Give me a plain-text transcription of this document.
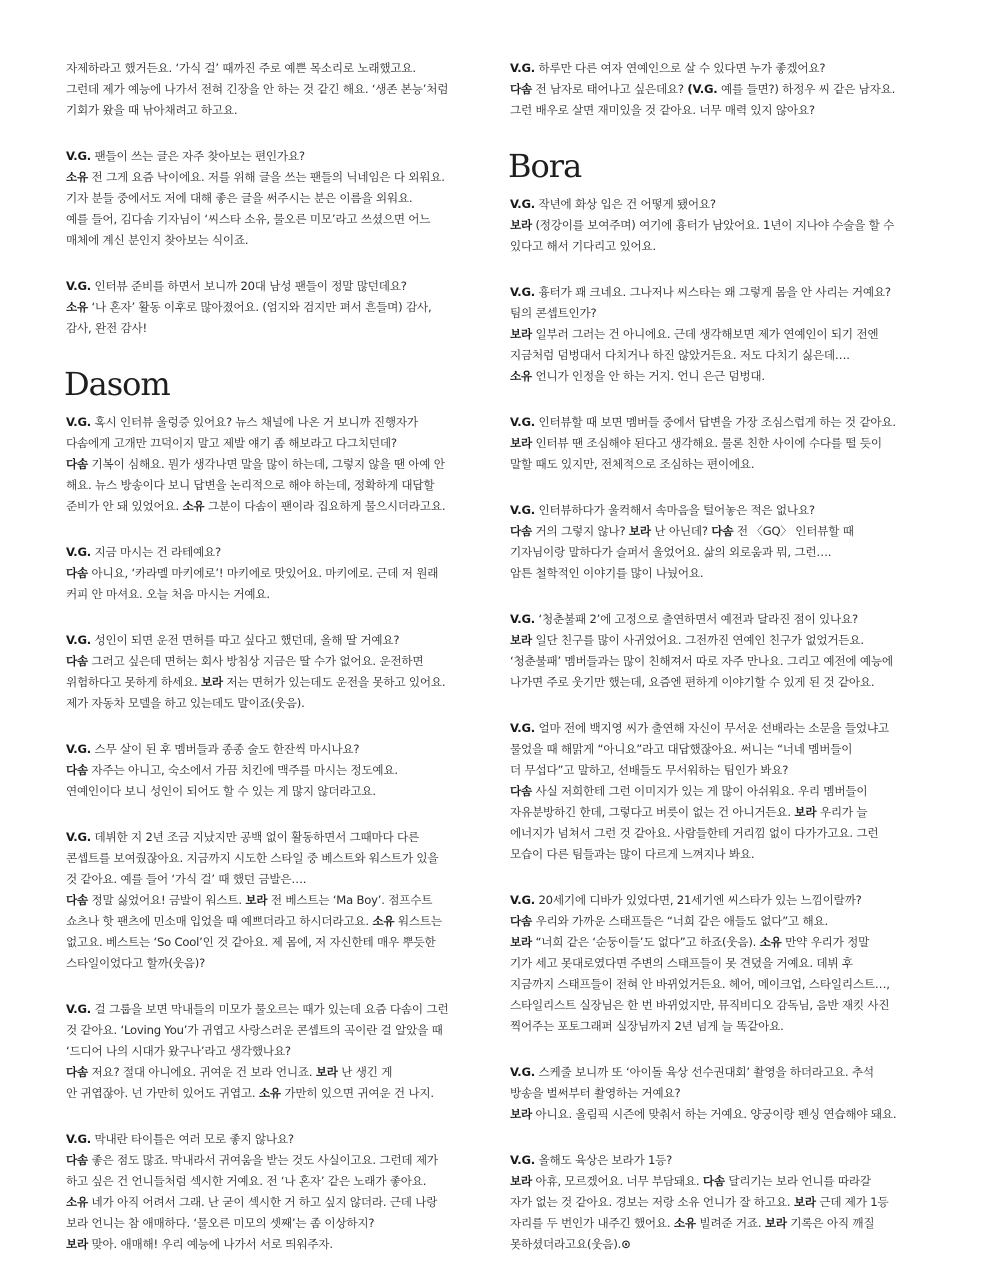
자제하라고 했거든요. ‘가식 걸’ 때까진 주로 예쁜 목소리로 노래했고요.
그런데 제가 예능에 나가서 전혀 긴장을 안 하는 것 같긴 해요. ‘생존 본능’처럼
기회가 왔을 때 낚아채려고 하고요.

V.G. 팬들이 쓰는 글은 자주 찾아보는 편인가요?
소유 전 그게 요즘 낙이에요. 저를 위해 글을 쓰는 팬들의 닉네임은 다 외워요.
기자 분들 중에서도 저에 대해 좋은 글을 써주시는 분은 이름을 외워요.
예를 들어, 김다솜 기자님이 ‘씨스타 소유, 물오른 미모’라고 쓰셨으면 어느
매체에 계신 분인지 찾아보는 식이죠.

V.G. 인터뷰 준비를 하면서 보니까 20대 남성 팬들이 정말 많던데요?
소유 ‘나 혼자’ 활동 이후로 많아졌어요. (엄지와 검지만 펴서 흔들며) 감사,
감사, 완전 감사!

Dasom

V.G. 혹시 인터뷰 울렁증 있어요? 뉴스 채널에 나온 거 보니까 진행자가
다솜에게 고개만 끄덕이지 말고 제발 얘기 좀 해보라고 다그치던데?
다솜 기복이 심해요. 뭔가 생각나면 말을 많이 하는데, 그렇지 않을 땐 아예 안
해요. 뉴스 방송이다 보니 답변을 논리적으로 해야 하는데, 정확하게 대답할
준비가 안 돼 있었어요. 소유 그분이 다솜이 팬이라 집요하게 물으시더라고요.

V.G. 지금 마시는 건 라테예요?
다솜 아니요, ‘카라멜 마키에로’! 마키에로 맛있어요. 마키에로. 근데 저 원래
커피 안 마셔요. 오늘 처음 마시는 거예요.

V.G. 성인이 되면 운전 면허를 따고 싶다고 했던데, 올해 딸 거예요?
다솜 그러고 싶은데 면허는 회사 방침상 지금은 딸 수가 없어요. 운전하면
위험하다고 못하게 하세요. 보라 저는 면허가 있는데도 운전을 못하고 있어요.
제가 자동차 모델을 하고 있는데도 말이죠(웃음).

V.G. 스무 살이 된 후 멤버들과 종종 술도 한잔씩 마시나요?
다솜 자주는 아니고, 숙소에서 가끔 치킨에 맥주를 마시는 정도예요.
연예인이다 보니 성인이 되어도 할 수 있는 게 많지 않더라고요.

V.G. 데뷔한 지 2년 조금 지났지만 공백 없이 활동하면서 그때마다 다른
콘셉트를 보여줬잖아요. 지금까지 시도한 스타일 중 베스트와 워스트가 있을
것 같아요. 예를 들어 ‘가식 걸’ 때 했던 금발은….
다솜 정말 싫었어요! 금발이 워스트. 보라 전 베스트는 ‘Ma Boy’. 점프수트
쇼츠나 핫 팬츠에 민소매 입었을 때 예쁘더라고 하시더라고요. 소유 워스트는
없고요. 베스트는 ‘So Cool’인 것 같아요. 제 몸에, 저 자신한테 매우 뿌듯한
스타일이었다고 할까(웃음)?

V.G. 걸 그룹을 보면 막내들의 미모가 물오르는 때가 있는데 요즘 다솜이 그런
것 같아요. ‘Loving You’가 귀엽고 사랑스러운 콘셉트의 곡이란 걸 알았을 때
‘드디어 나의 시대가 왔구나’라고 생각했나요?
다솜 저요? 절대 아니에요. 귀여운 건 보라 언니죠. 보라 난 생긴 게
안 귀엽잖아. 넌 가만히 있어도 귀엽고. 소유 가만히 있으면 귀여운 건 나지.

V.G. 막내란 타이틀은 여러 모로 좋지 않나요?
다솜 좋은 점도 많죠. 막내라서 귀여움을 받는 것도 사실이고요. 그런데 제가
하고 싶은 건 언니들처럼 섹시한 거예요. 전 ‘나 혼자’ 같은 노래가 좋아요.
소유 네가 아직 어려서 그래. 난 굳이 섹시한 거 하고 싶지 않더라. 근데 나랑
보라 언니는 참 애매하다. ‘물오른 미모의 셋째’는 좀 이상하지?
보라 맞아. 애매해! 우리 예능에 나가서 서로 띄워주자.

V.G. 하루만 다른 여자 연예인으로 살 수 있다면 누가 좋겠어요?
다솜 전 남자로 태어나고 싶은데요? (V.G. 예를 들면?) 하정우 씨 같은 남자요.
그런 배우로 살면 재미있을 것 같아요. 너무 매력 있지 않아요?

Bora

V.G. 작년에 화상 입은 건 어떻게 됐어요?
보라 (정강이를 보여주며) 여기에 흉터가 남았어요. 1년이 지나야 수술을 할 수
있다고 해서 기다리고 있어요.

V.G. 흉터가 꽤 크네요. 그나저나 씨스타는 왜 그렇게 몸을 안 사리는 거예요?
팀의 콘셉트인가?
보라 일부러 그러는 건 아니에요. 근데 생각해보면 제가 연예인이 되기 전엔
지금처럼 덤벙대서 다치거나 하진 않았거든요. 저도 다치기 싫은데….
소유 언니가 인정을 안 하는 거지. 언니 은근 덤벙대.

V.G. 인터뷰할 때 보면 멤버들 중에서 답변을 가장 조심스럽게 하는 것 같아요.
보라 인터뷰 땐 조심해야 된다고 생각해요. 물론 친한 사이에 수다를 떨 듯이
말할 때도 있지만, 전체적으로 조심하는 편이에요.

V.G. 인터뷰하다가 울컥해서 속마음을 털어놓은 적은 없나요?
다솜 거의 그렇지 않나? 보라 난 아닌데? 다솜 전 〈GQ〉 인터뷰할 때
기자님이랑 말하다가 슬퍼서 울었어요. 삶의 외로움과 뭐, 그런….
암튼 철학적인 이야기를 많이 나눴어요.

V.G. ‘청춘불패 2’에 고정으로 출연하면서 예전과 달라진 점이 있나요?
보라 일단 친구를 많이 사귀었어요. 그전까진 연예인 친구가 없었거든요.
‘청춘불패’ 멤버들과는 많이 친해져서 따로 자주 만나요. 그리고 예전에 예능에
나가면 주로 웃기만 했는데, 요즘엔 편하게 이야기할 수 있게 된 것 같아요.

V.G. 얼마 전에 백지영 씨가 출연해 자신이 무서운 선배라는 소문을 들었냐고
물었을 때 해맑게 “아니요”라고 대답했잖아요. 써니는 “너네 멤버들이
더 무섭다”고 말하고, 선배들도 무서워하는 팀인가 봐요?
다솜 사실 저희한테 그런 이미지가 있는 게 많이 아쉬워요. 우리 멤버들이
자유분방하긴 한데, 그렇다고 버릇이 없는 건 아니거든요. 보라 우리가 늘
에너지가 넘쳐서 그런 것 같아요. 사람들한테 거리낌 없이 다가가고요. 그런
모습이 다른 팀들과는 많이 다르게 느껴지나 봐요.

V.G. 20세기에 디바가 있었다면, 21세기엔 씨스타가 있는 느낌이랄까?
다솜 우리와 가까운 스태프들은 “너희 같은 애들도 없다”고 해요.
보라 “너희 같은 ‘순둥이들’도 없다”고 하죠(웃음). 소유 만약 우리가 정말
기가 세고 못대로였다면 주변의 스태프들이 못 견뎠을 거예요. 데뷔 후
지금까지 스태프들이 전혀 안 바뀌었거든요. 헤어, 메이크업, 스타일리스트…,
스타일리스트 실장님은 한 번 바뀌었지만, 뮤직비디오 감독님, 음반 재킷 사진
찍어주는 포토그래퍼 실장님까지 2년 넘게 늘 똑같아요.

V.G. 스케줄 보니까 또 ‘아이돌 육상 선수권대회’ 촬영을 하더라고요. 추석
방송을 벌써부터 촬영하는 거예요?
보라 아니요. 올림픽 시즌에 맞춰서 하는 거예요. 양궁이랑 펜싱 연습해야 돼요.

V.G. 올해도 육상은 보라가 1등?
보라 아휴, 모르겠어요. 너무 부담돼요. 다솜 달리기는 보라 언니를 따라갈
자가 없는 것 같아요. 경보는 저랑 소유 언니가 잘 하고요. 보라 근데 제가 1등
자리를 두 번인가 내주긴 했어요. 소유 빌려준 거죠. 보라 기록은 아직 깨질
못하셨더라고요(웃음).⊙
